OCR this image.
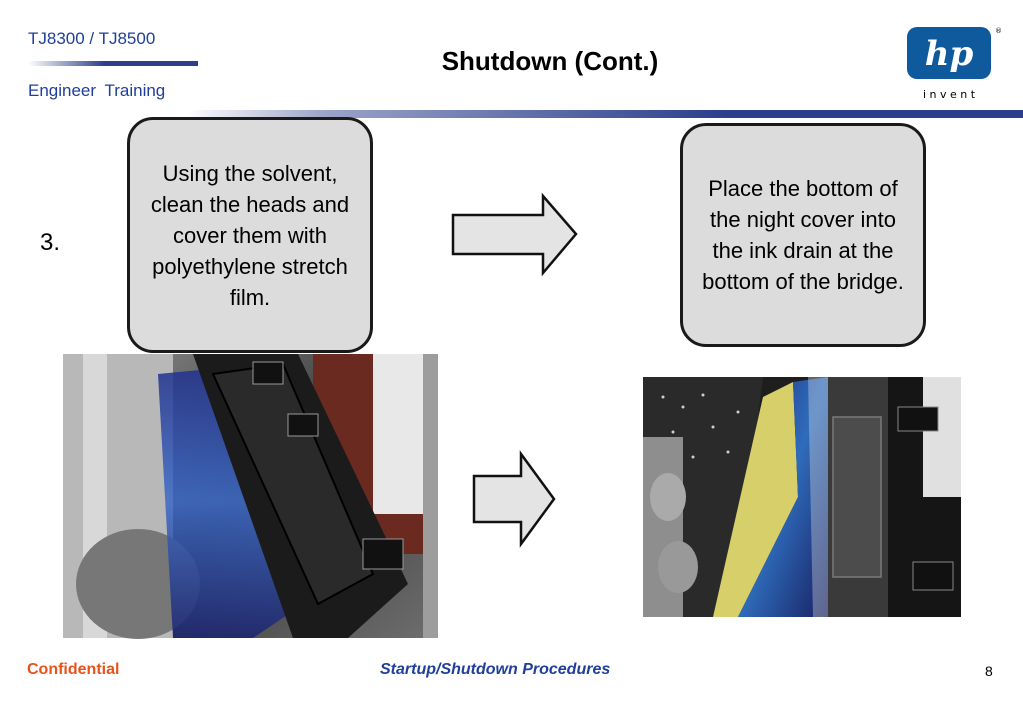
TJ8300 / TJ8500
Engineer Training
Shutdown (Cont.)	hp
®
i n v e n t
3.
Using the solvent, clean the heads and cover them with polyethylene stretch film.
Place the bottom of the night cover into the ink drain at the bottom of the bridge.
Confidential	Startup/Shutdown Procedures	8
